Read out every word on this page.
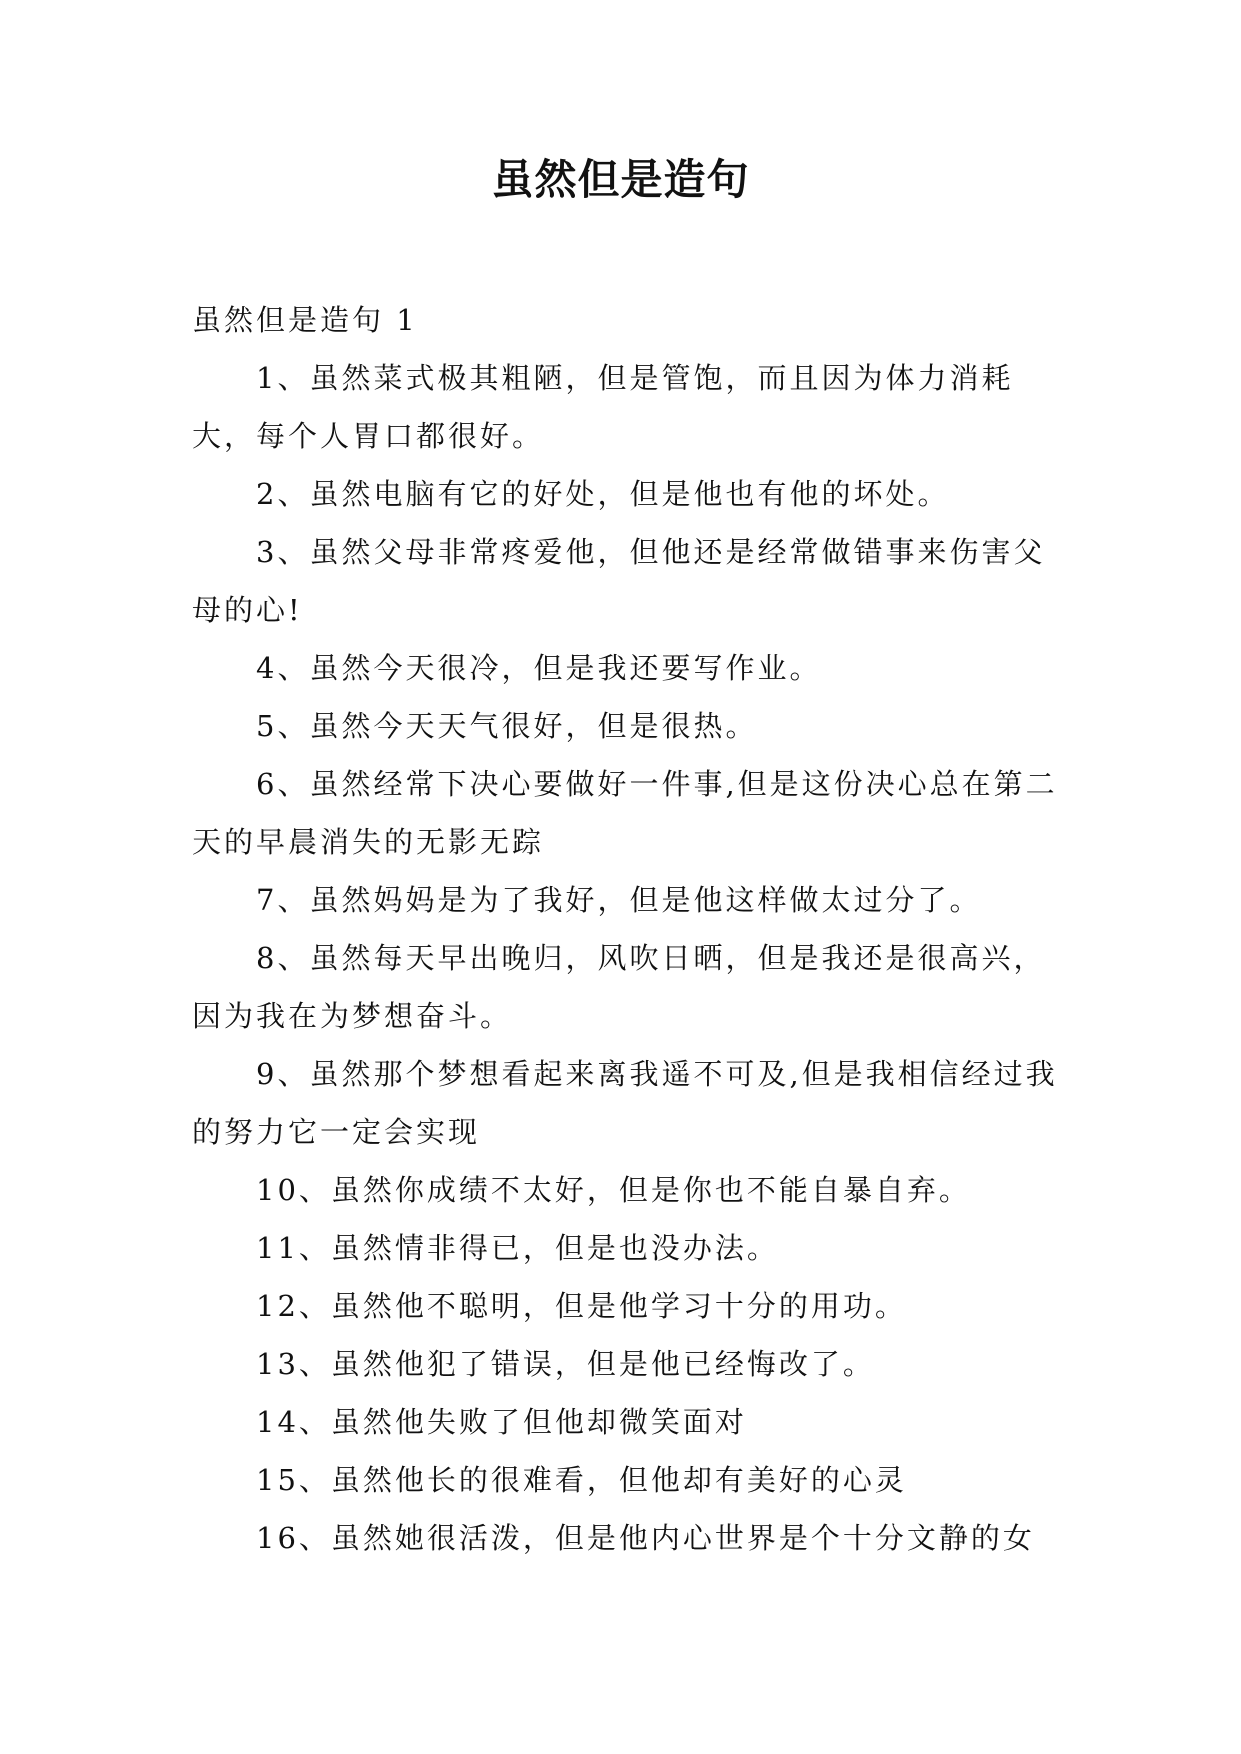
虽然但是造句

虽然但是造句 1

1、虽然菜式极其粗陋，但是管饱，而且因为体力消耗大，每个人胃口都很好。

2、虽然电脑有它的好处，但是他也有他的坏处。

3、虽然父母非常疼爱他，但他还是经常做错事来伤害父母的心!

4、虽然今天很冷，但是我还要写作业。

5、虽然今天天气很好，但是很热。

6、虽然经常下决心要做好一件事,但是这份决心总在第二天的早晨消失的无影无踪

7、虽然妈妈是为了我好，但是他这样做太过分了。

8、虽然每天早出晚归，风吹日晒，但是我还是很高兴，因为我在为梦想奋斗。

9、虽然那个梦想看起来离我遥不可及,但是我相信经过我的努力它一定会实现

10、虽然你成绩不太好，但是你也不能自暴自弃。

11、虽然情非得已，但是也没办法。

12、虽然他不聪明，但是他学习十分的用功。

13、虽然他犯了错误，但是他已经悔改了。

14、虽然他失败了但他却微笑面对

15、虽然他长的很难看，但他却有美好的心灵

16、虽然她很活泼，但是他内心世界是个十分文静的女
